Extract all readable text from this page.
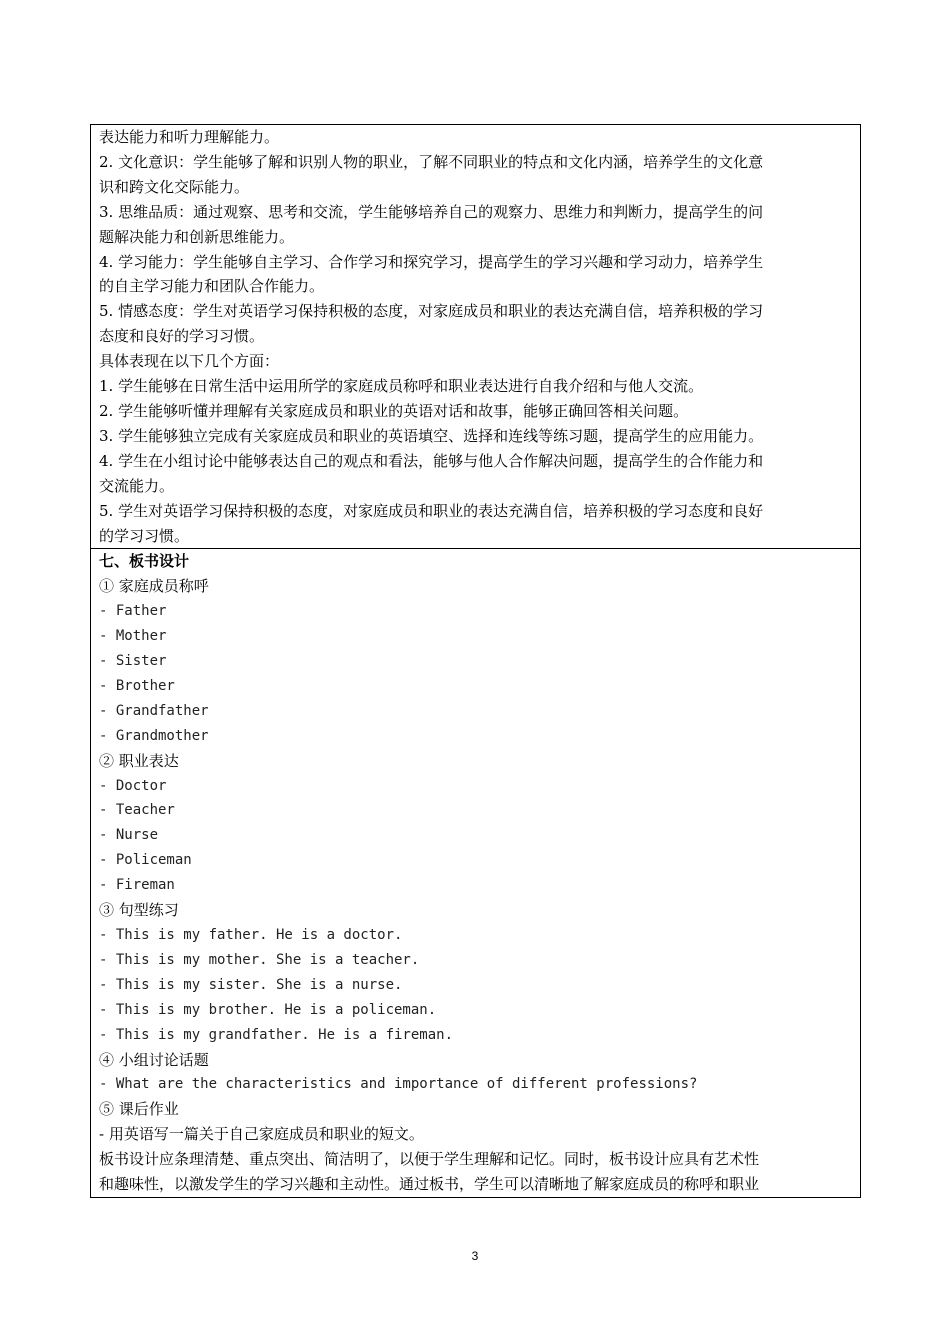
表达能力和听力理解能力。
2. 文化意识：学生能够了解和识别人物的职业，了解不同职业的特点和文化内涵，培养学生的文化意
识和跨文化交际能力。
3. 思维品质：通过观察、思考和交流，学生能够培养自己的观察力、思维力和判断力，提高学生的问
题解决能力和创新思维能力。
4. 学习能力：学生能够自主学习、合作学习和探究学习，提高学生的学习兴趣和学习动力，培养学生
的自主学习能力和团队合作能力。
5. 情感态度：学生对英语学习保持积极的态度，对家庭成员和职业的表达充满自信，培养积极的学习
态度和良好的学习习惯。
具体表现在以下几个方面：
1. 学生能够在日常生活中运用所学的家庭成员称呼和职业表达进行自我介绍和与他人交流。
2. 学生能够听懂并理解有关家庭成员和职业的英语对话和故事，能够正确回答相关问题。
3. 学生能够独立完成有关家庭成员和职业的英语填空、选择和连线等练习题，提高学生的应用能力。
4. 学生在小组讨论中能够表达自己的观点和看法，能够与他人合作解决问题，提高学生的合作能力和
交流能力。
5. 学生对英语学习保持积极的态度，对家庭成员和职业的表达充满自信，培养积极的学习态度和良好
的学习习惯。

七、板书设计
① 家庭成员称呼
- Father
- Mother
- Sister
- Brother
- Grandfather
- Grandmother
② 职业表达
- Doctor
- Teacher
- Nurse
- Policeman
- Fireman
③ 句型练习
- This is my father. He is a doctor.
- This is my mother. She is a teacher.
- This is my sister. She is a nurse.
- This is my brother. He is a policeman.
- This is my grandfather. He is a fireman.
④ 小组讨论话题
- What are the characteristics and importance of different professions?
⑤ 课后作业
- 用英语写一篇关于自己家庭成员和职业的短文。
板书设计应条理清楚、重点突出、简洁明了，以便于学生理解和记忆。同时，板书设计应具有艺术性
和趣味性，以激发学生的学习兴趣和主动性。通过板书，学生可以清晰地了解家庭成员的称呼和职业
3
